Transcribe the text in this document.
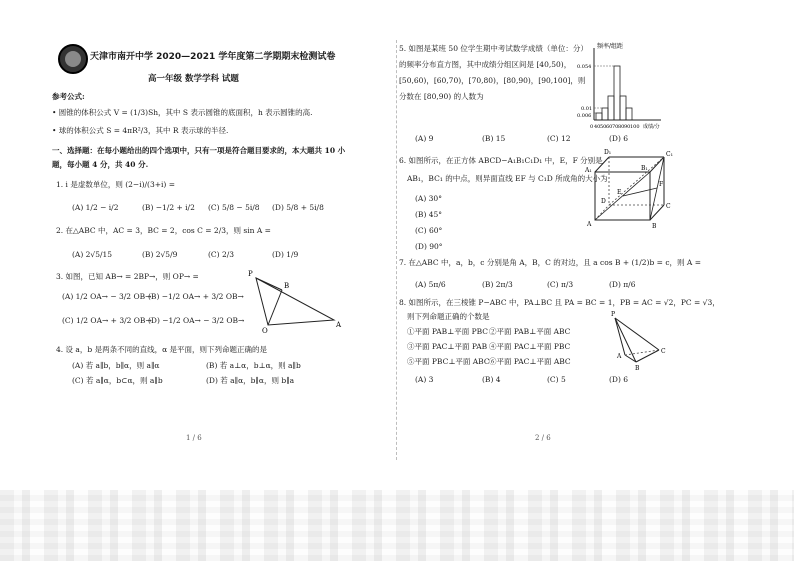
天津市南开中学 2020—2021 学年度第二学期期末检测试卷
高一年级 数学学科 试题
参考公式:
• 圆锥的体积公式 V = (1/3)Sh，其中 S 表示圆锥的底面积，h 表示圆锥的高.
• 球的体积公式 S = 4πR²/3，其中 R 表示球的半径.
一、选择题：在每小题给出的四个选项中，只有一项是符合题目要求的，本大题共 10 小
题，每小题 4 分，共 40 分.
1. i 是虚数单位，则 (2−i)/(3+i) =
(A) 1/2 − i/2	(B) −1/2 + i/2 (C) 5/8 − 5i/8 (D) 5/8 + 5i/8
2. 在△ABC 中，AC = 3，BC = 2，cos C = 2/3，则 sin A =
(A) 2√5/15	(B) 2√5/9	(C) 2/3	(D) 1/9
3. 如图，已知 AB→ = 2BP→，则 OP→ =
(A) 1/2 OA→ − 3/2 OB→
(B) −1/2 OA→ + 3/2 OB→
(C) 1/2 OA→ + 3/2 OB→
(D) −1/2 OA→ − 3/2 OB→
P
B
O
A
4. 设 a，b 是两条不同的直线，α 是平面，则下列命题正确的是
(A) 若 a∥b，b∥α，则 a∥α	(B) 若 a⊥α，b⊥α，则 a∥b
(C) 若 a∥α，b⊂α，则 a∥b	(D) 若 a∥α，b∥α，则 b∥a
1 / 6
5. 如图是某班 50 位学生期中考试数学成绩（单位：分）
的频率分布直方图，其中成绩分组区间是 [40,50)，
[50,60)，[60,70)，[70,80)，[80,90)，[90,100]，则
分数在 [80,90) 的人数为
(A) 9	(B) 15	(C) 12	(D) 6
频率/组距
0.054
0.01
0.006
0 40 50 60 70 80 90 100 成绩/分
6. 如图所示，在正方体 ABCD−A₁B₁C₁D₁ 中，E，F 分别是
AB₁，BC₁ 的中点，则异面直线 EF 与 C₁D 所成角的大小为
(A) 30°
(B) 45°
(C) 60°
(D) 90°
A	B
C
D
A₁	B₁
C₁
D₁
E
F
7. 在△ABC 中，a，b，c 分别是角 A，B，C 的对边，且 a cos B + (1/2)b = c，则 A =
(A) 5π/6	(B) 2π/3	(C) π/3	(D) π/6
8. 如图所示，在三棱锥 P−ABC 中，PA⊥BC 且 PA = BC = 1，PB = AC = √2，PC = √3，
则下列命题正确的个数是
①平面 PAB⊥平面 PBC ②平面 PAB⊥平面 ABC
③平面 PAC⊥平面 PAB ④平面 PAC⊥平面 PBC
⑤平面 PBC⊥平面 ABC ⑥平面 PAC⊥平面 ABC
(A) 3	(B) 4	(C) 5	(D) 6
P
A
B
C
2 / 6
